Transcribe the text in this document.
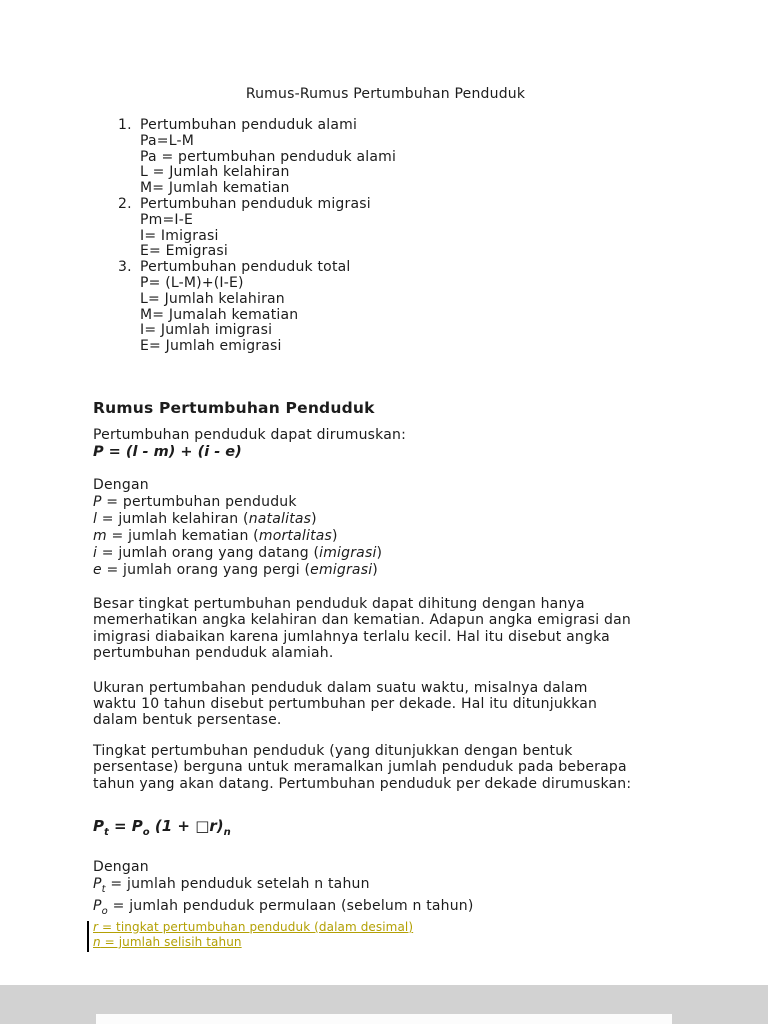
Rumus-Rumus Pertumbuhan Penduduk
1. Pertumbuhan penduduk alami
Pa=L-M
Pa = pertumbuhan penduduk alami
L = Jumlah kelahiran
M= Jumlah kematian
2. Pertumbuhan penduduk migrasi
Pm=I-E
I= Imigrasi
E= Emigrasi
3. Pertumbuhan penduduk total
P= (L-M)+(I-E)
L= Jumlah kelahiran
M= Jumalah kematian
I= Jumlah imigrasi
E= Jumlah emigrasi
Rumus Pertumbuhan Penduduk
Pertumbuhan penduduk dapat dirumuskan:
P = (l - m) + (i - e)
Dengan
P = pertumbuhan penduduk
l = jumlah kelahiran (natalitas)
m = jumlah kematian (mortalitas)
i = jumlah orang yang datang (imigrasi)
e = jumlah orang yang pergi (emigrasi)
Besar tingkat pertumbuhan penduduk dapat dihitung dengan hanya
memerhatikan angka kelahiran dan kematian. Adapun angka emigrasi dan
imigrasi diabaikan karena jumlahnya terlalu kecil. Hal itu disebut angka
pertumbuhan penduduk alamiah.
Ukuran pertumbahan penduduk dalam suatu waktu, misalnya dalam
waktu 10 tahun disebut pertumbuhan per dekade. Hal itu ditunjukkan
dalam bentuk persentase.
Tingkat pertumbuhan penduduk (yang ditunjukkan dengan bentuk
persentase) berguna untuk meramalkan jumlah penduduk pada beberapa
tahun yang akan datang. Pertumbuhan penduduk per dekade dirumuskan:
$P_t = P_o$ $(1 + □r)_n$
Dengan
$P_t$ = jumlah penduduk setelah n tahun
$P_o$ = jumlah penduduk permulaan (sebelum n tahun)
r = tingkat pertumbuhan penduduk (dalam desimal)
n = jumlah selisih tahun
